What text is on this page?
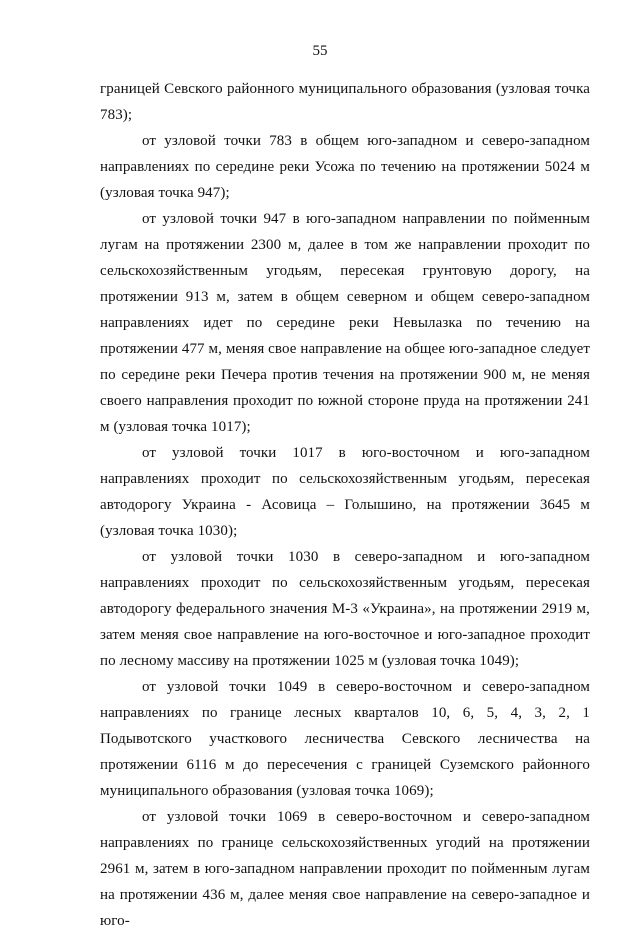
55

границей Севского районного муниципального образования (узловая точка 783);

от узловой точки 783 в общем юго-западном и северо-западном направлениях по середине реки Усожа по течению на протяжении 5024 м (узловая точка 947);

от узловой точки 947 в юго-западном направлении по пойменным лугам на протяжении 2300 м, далее в том же направлении проходит по сельскохозяйственным угодьям, пересекая грунтовую дорогу, на протяжении 913 м, затем в общем северном и общем северо-западном направлениях идет по середине реки Невылазка по течению на протяжении 477 м, меняя свое направление на общее юго-западное следует по середине реки Печера против течения на протяжении 900 м, не меняя своего направления проходит по южной стороне пруда на протяжении 241 м (узловая точка 1017);

от узловой точки 1017 в юго-восточном и юго-западном направлениях проходит по сельскохозяйственным угодьям, пересекая автодорогу Украина - Асовица – Голышино, на протяжении 3645 м (узловая точка 1030);

от узловой точки 1030 в северо-западном и юго-западном направлениях проходит по сельскохозяйственным угодьям, пересекая автодорогу федерального значения М-3 «Украина», на протяжении 2919 м, затем меняя свое направление на юго-восточное и юго-западное проходит по лесному массиву на протяжении 1025 м (узловая точка 1049);

от узловой точки 1049 в северо-восточном и северо-западном направлениях по границе лесных кварталов 10, 6, 5, 4, 3, 2, 1 Подывотского участкового лесничества Севского лесничества на протяжении 6116 м до пересечения с границей Суземского районного муниципального образования (узловая точка 1069);

от узловой точки 1069 в северо-восточном и северо-западном направлениях по границе сельскохозяйственных угодий на протяжении 2961 м, затем в юго-западном направлении проходит по пойменным лугам на протяжении 436 м, далее меняя свое направление на северо-западное и юго-
